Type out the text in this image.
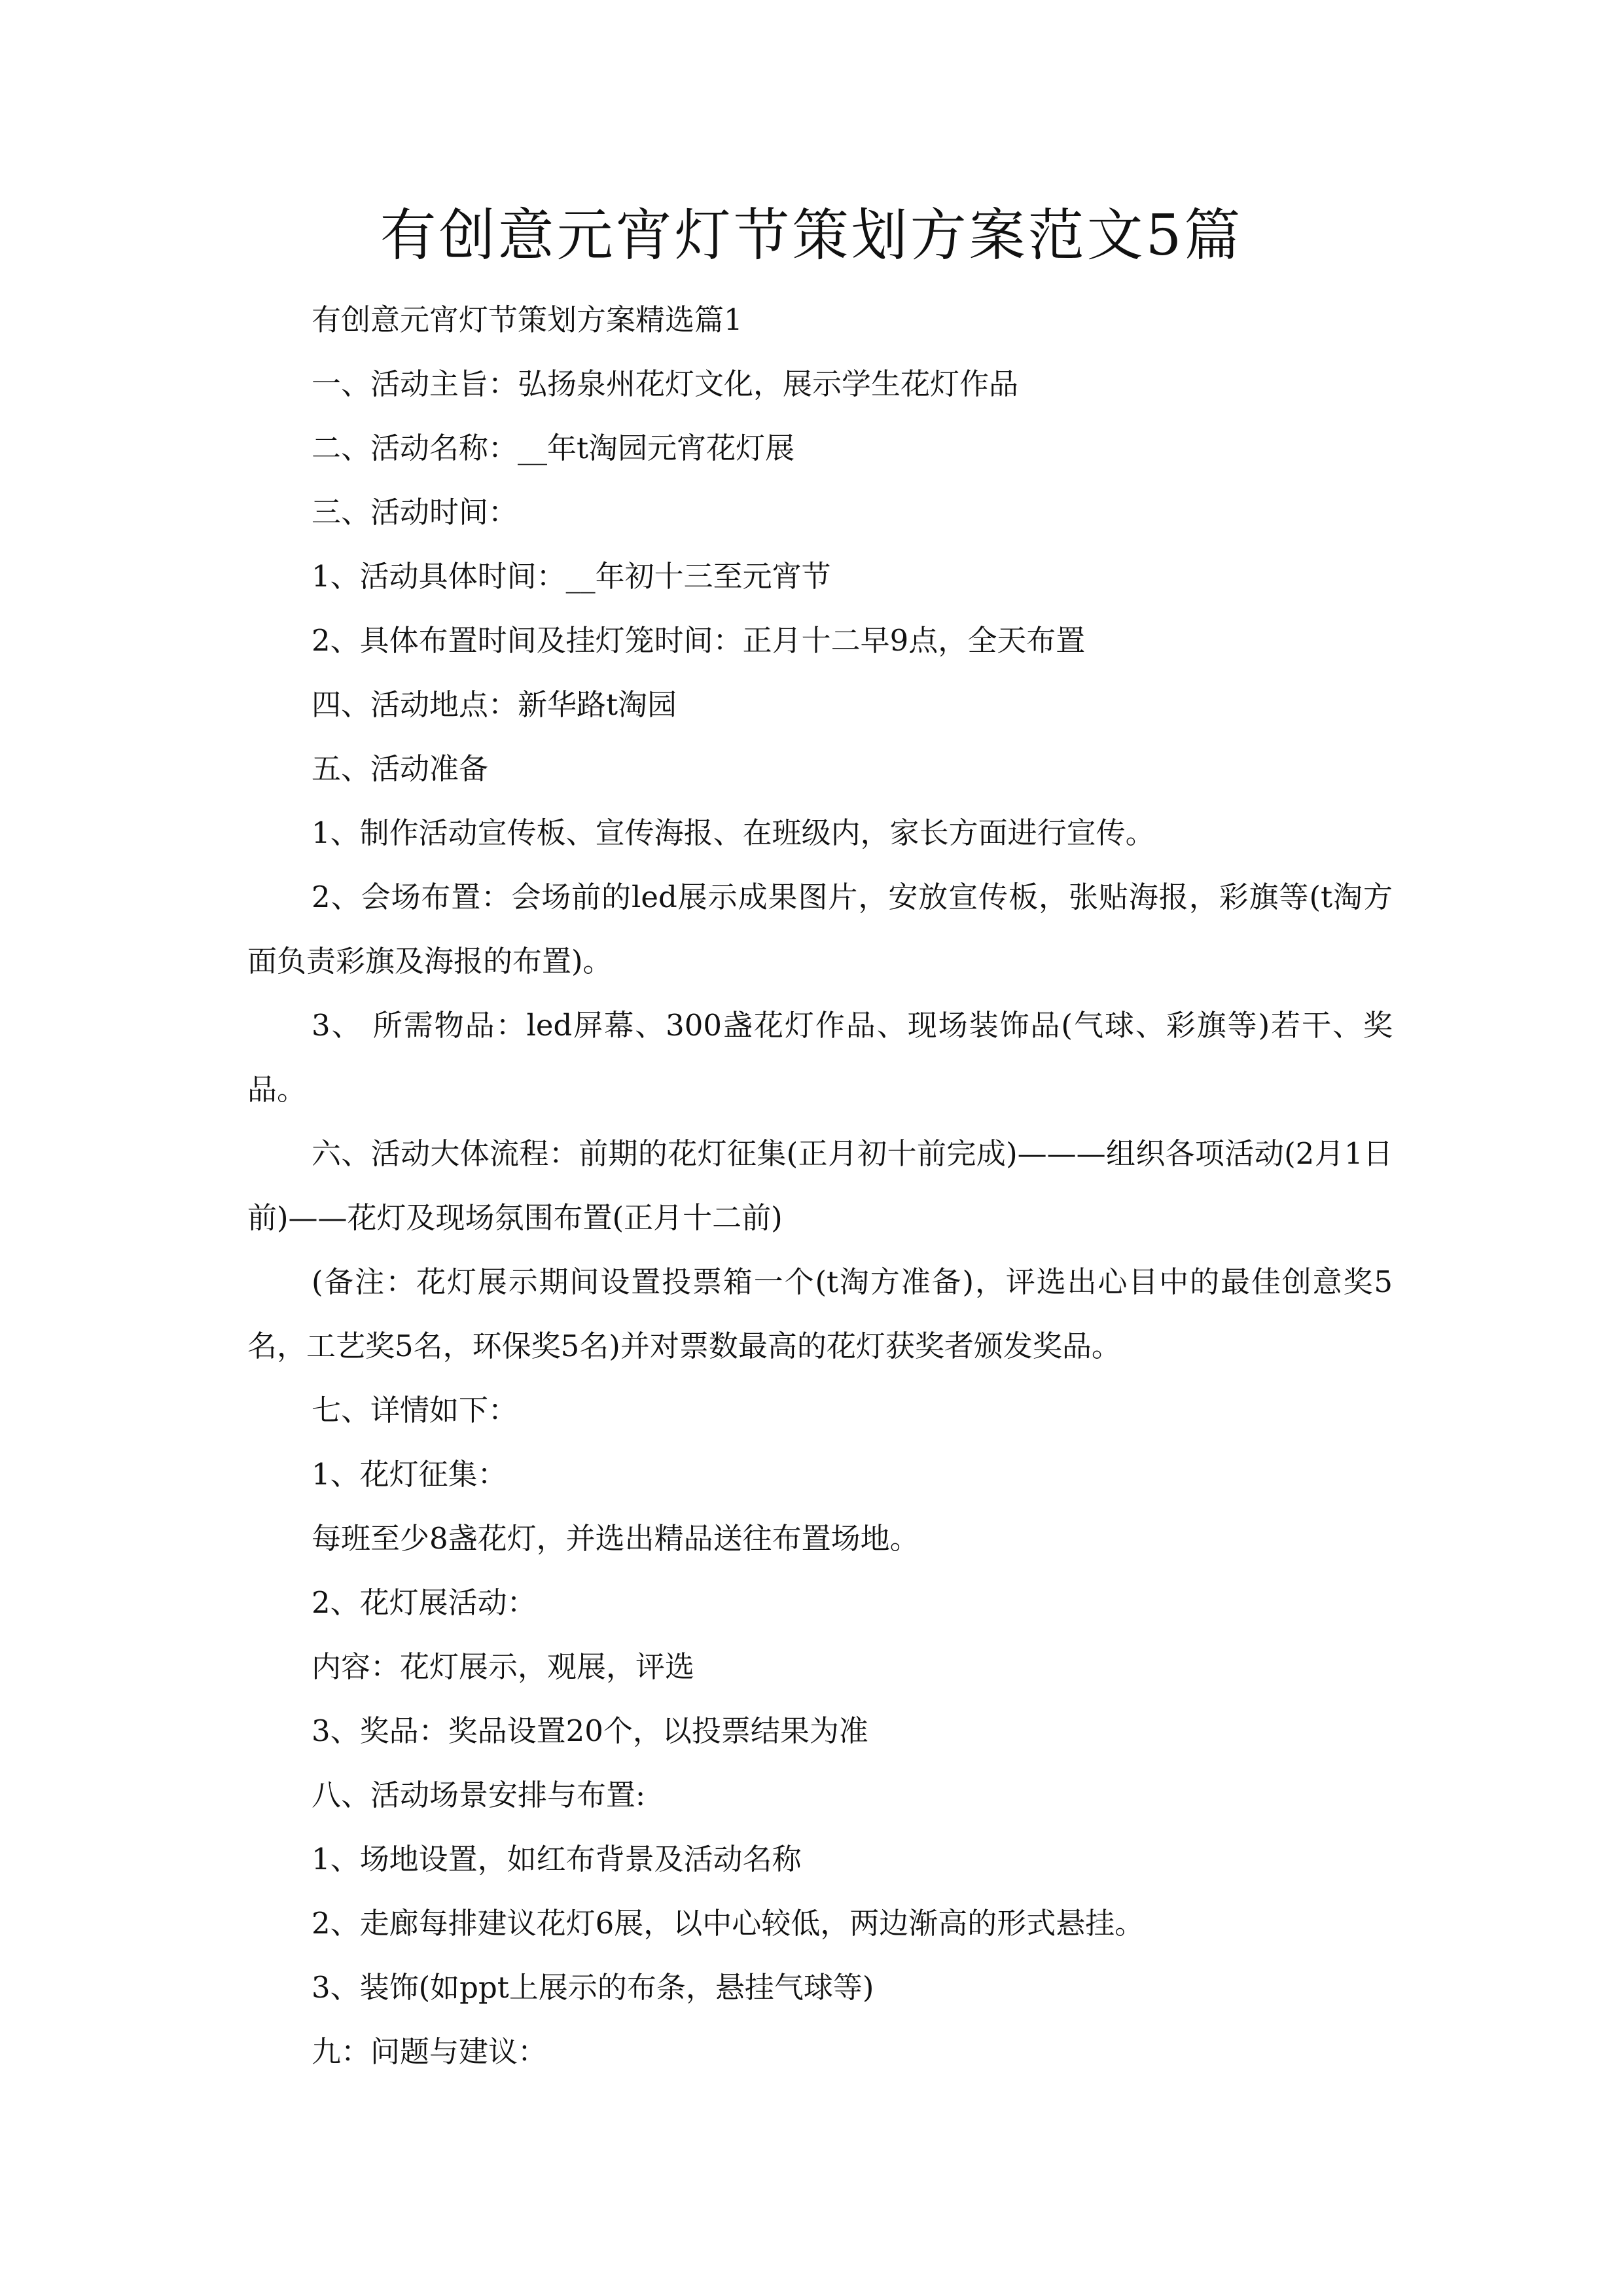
有创意元宵灯节策划方案范文5篇

有创意元宵灯节策划方案精选篇1

一、活动主旨：弘扬泉州花灯文化，展示学生花灯作品

二、活动名称：__年t淘园元宵花灯展

三、活动时间：

1、活动具体时间：__年初十三至元宵节

2、具体布置时间及挂灯笼时间：正月十二早9点，全天布置

四、活动地点：新华路t淘园

五、活动准备

1、制作活动宣传板、宣传海报、在班级内，家长方面进行宣传。

2、会场布置：会场前的led展示成果图片，安放宣传板，张贴海报，彩旗等(t淘方面负责彩旗及海报的布置)。

3、 所需物品：led屏幕、300盏花灯作品、现场装饰品(气球、彩旗等)若干、奖品。

六、活动大体流程：前期的花灯征集(正月初十前完成)———组织各项活动(2月1日前)——花灯及现场氛围布置(正月十二前)

(备注：花灯展示期间设置投票箱一个(t淘方准备)，评选出心目中的最佳创意奖5名，工艺奖5名，环保奖5名)并对票数最高的花灯获奖者颁发奖品。

七、详情如下：

1、花灯征集：

每班至少8盏花灯，并选出精品送往布置场地。

2、花灯展活动：

内容：花灯展示，观展，评选

3、奖品：奖品设置20个，以投票结果为准

八、活动场景安排与布置:

1、场地设置，如红布背景及活动名称

2、走廊每排建议花灯6展，以中心较低，两边渐高的形式悬挂。

3、装饰(如ppt上展示的布条，悬挂气球等)

九：问题与建议：
